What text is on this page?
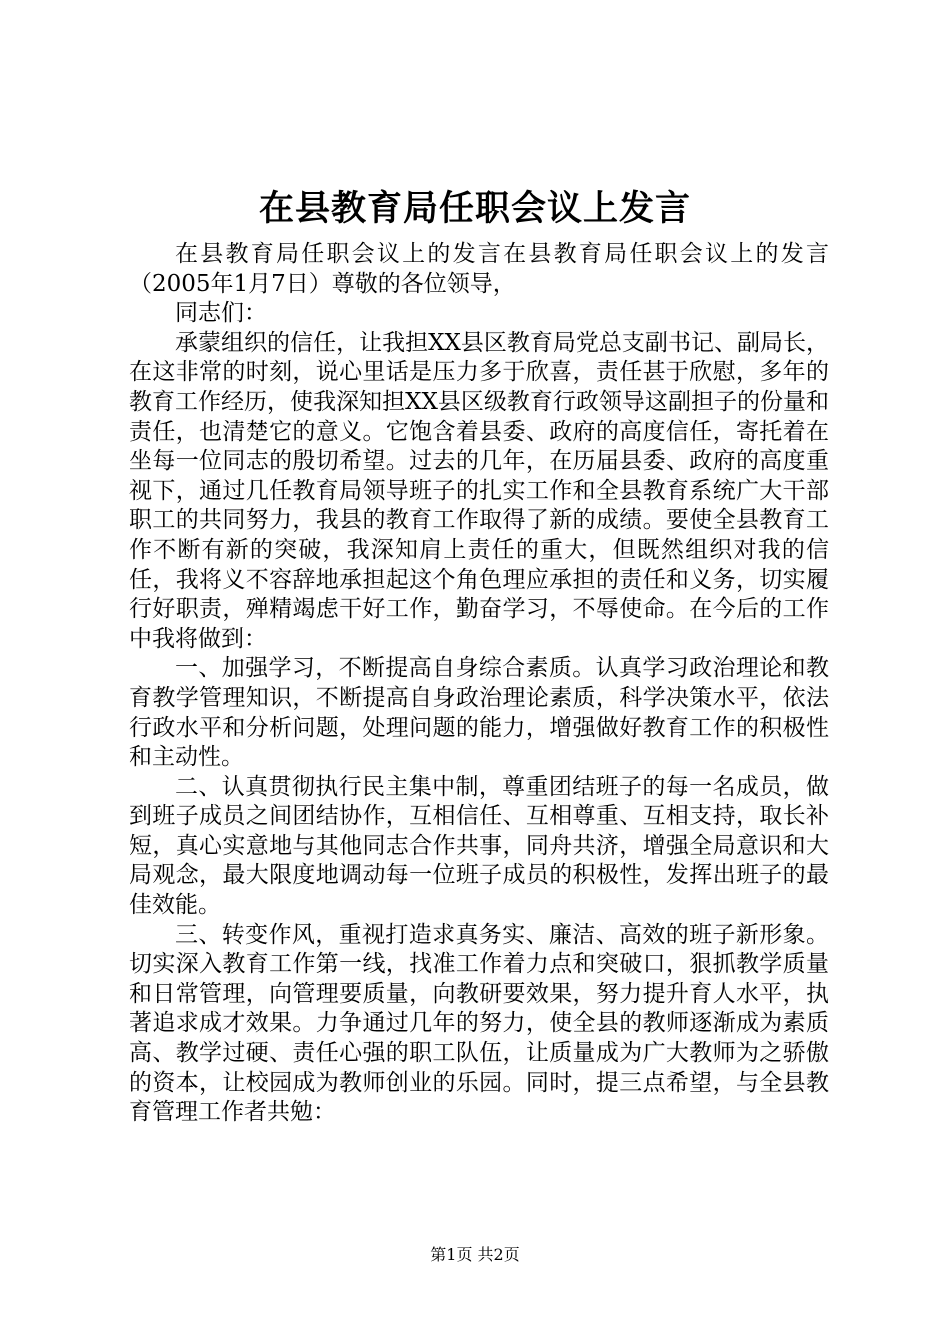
在县教育局任职会议上发言

在县教育局任职会议上的发言在县教育局任职会议上的发言（2005年1月7日）尊敬的各位领导，

同志们：

承蒙组织的信任，让我担XX县区教育局党总支副书记、副局长，在这非常的时刻，说心里话是压力多于欣喜，责任甚于欣慰，多年的教育工作经历，使我深知担XX县区级教育行政领导这副担子的份量和责任，也清楚它的意义。它饱含着县委、政府的高度信任，寄托着在坐每一位同志的殷切希望。过去的几年，在历届县委、政府的高度重视下，通过几任教育局领导班子的扎实工作和全县教育系统广大干部职工的共同努力，我县的教育工作取得了新的成绩。要使全县教育工作不断有新的突破，我深知肩上责任的重大，但既然组织对我的信任，我将义不容辞地承担起这个角色理应承担的责任和义务，切实履行好职责，殚精竭虑干好工作，勤奋学习，不辱使命。在今后的工作中我将做到：

一、加强学习，不断提高自身综合素质。认真学习政治理论和教育教学管理知识，不断提高自身政治理论素质，科学决策水平，依法行政水平和分析问题，处理问题的能力，增强做好教育工作的积极性和主动性。

二、认真贯彻执行民主集中制，尊重团结班子的每一名成员，做到班子成员之间团结协作，互相信任、互相尊重、互相支持，取长补短，真心实意地与其他同志合作共事，同舟共济，增强全局意识和大局观念，最大限度地调动每一位班子成员的积极性，发挥出班子的最佳效能。

三、转变作风，重视打造求真务实、廉洁、高效的班子新形象。切实深入教育工作第一线，找准工作着力点和突破口，狠抓教学质量和日常管理，向管理要质量，向教研要效果，努力提升育人水平，执著追求成才效果。力争通过几年的努力，使全县的教师逐渐成为素质高、教学过硬、责任心强的职工队伍，让质量成为广大教师为之骄傲的资本，让校园成为教师创业的乐园。同时，提三点希望，与全县教育管理工作者共勉：

第1页 共2页
